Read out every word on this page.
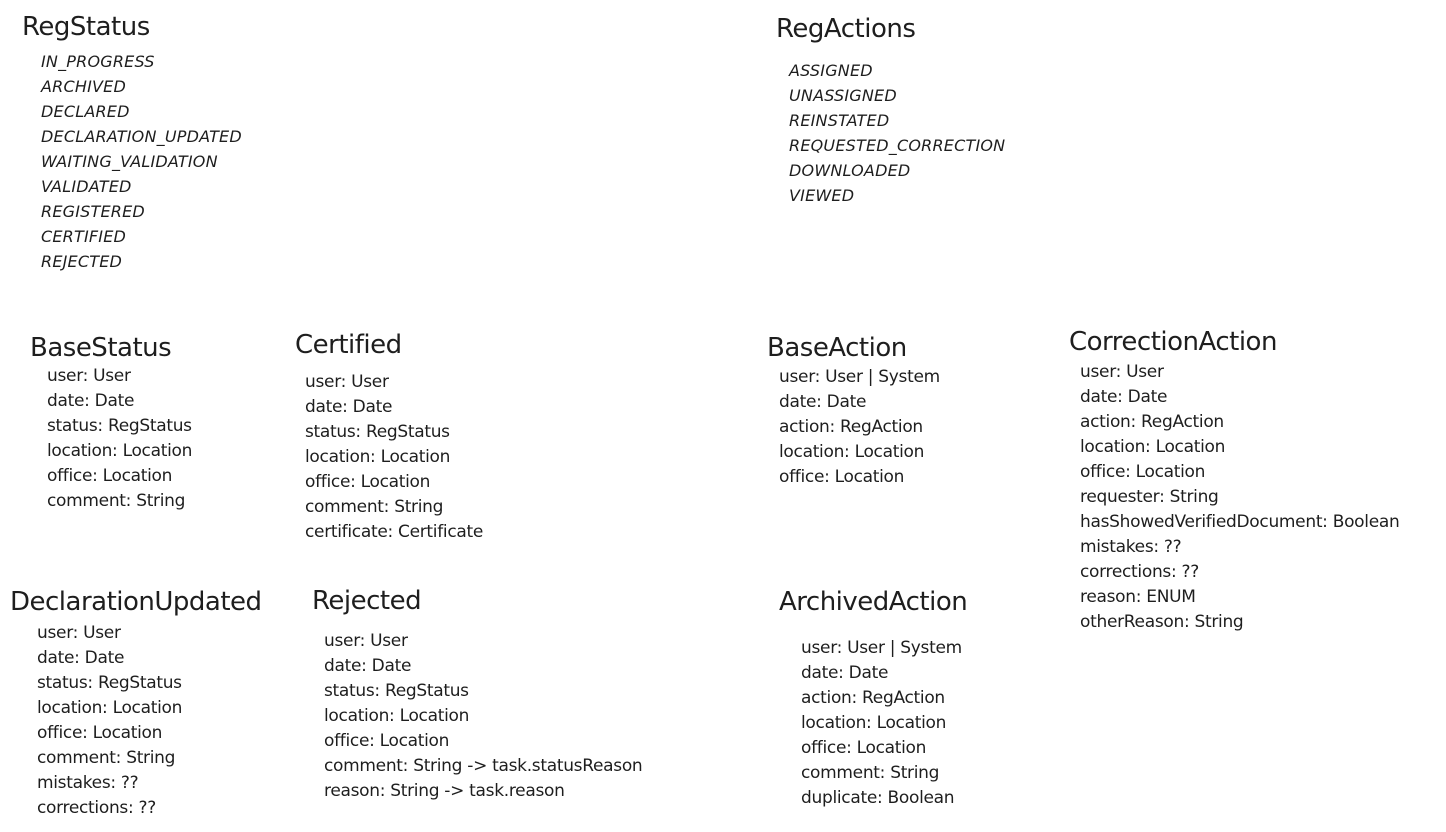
RegStatus
IN_PROGRESS
ARCHIVED
DECLARED
DECLARATION_UPDATED
WAITING_VALIDATION
VALIDATED
REGISTERED
CERTIFIED
REJECTED
RegActions
ASSIGNED
UNASSIGNED
REINSTATED
REQUESTED_CORRECTION
DOWNLOADED
VIEWED
BaseStatus
user: User
date: Date
status: RegStatus
location: Location
office: Location
comment: String
Certified
user: User
date: Date
status: RegStatus
location: Location
office: Location
comment: String
certificate: Certificate
BaseAction
user: User | System
date: Date
action: RegAction
location: Location
office: Location
CorrectionAction
user: User
date: Date
action: RegAction
location: Location
office: Location
requester: String
hasShowedVerifiedDocument: Boolean
mistakes: ??
corrections: ??
reason: ENUM
otherReason: String
DeclarationUpdated
user: User
date: Date
status: RegStatus
location: Location
office: Location
comment: String
mistakes: ??
corrections: ??
Rejected
user: User
date: Date
status: RegStatus
location: Location
office: Location
comment: String -> task.statusReason
reason: String -> task.reason
ArchivedAction
user: User | System
date: Date
action: RegAction
location: Location
office: Location
comment: String
duplicate: Boolean
